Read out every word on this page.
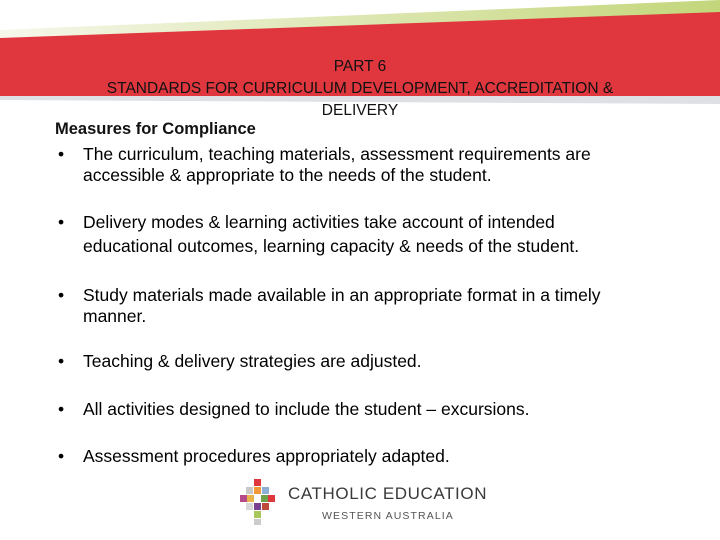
PART 6
STANDARDS FOR CURRICULUM DEVELOPMENT, ACCREDITATION &
DELIVERY
Measures for Compliance
• The curriculum, teaching materials, assessment requirements are
accessible & appropriate to the needs of the student.
• Delivery modes & learning activities take account of intended
educational outcomes, learning capacity & needs of the student.
• Study materials made available in an appropriate format in a timely
manner.
• Teaching & delivery strategies are adjusted.
• All activities designed to include the student – excursions.
• Assessment procedures appropriately adapted.
CATHOLIC EDUCATION
WESTERN AUSTRALIA
